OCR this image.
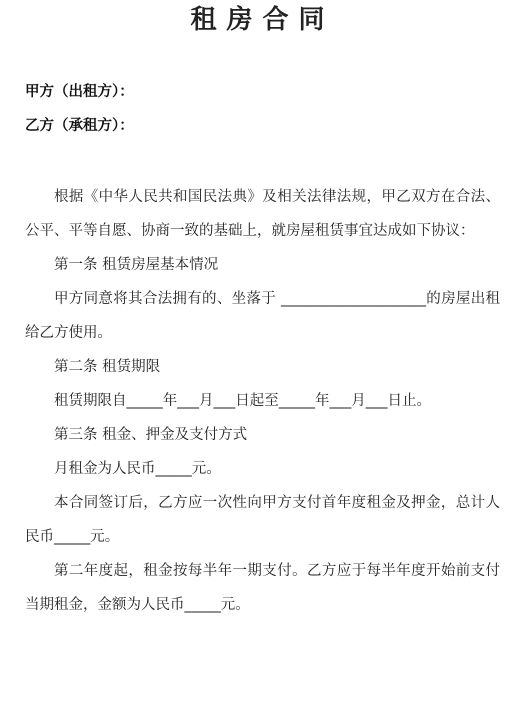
租房合同
甲方（出租方）：
乙方（承租方）：

根据《中华人民共和国民法典》及相关法律法规，甲乙双方在合法、公平、平等自愿、协商一致的基础上，就房屋租赁事宜达成如下协议：

第一条 租赁房屋基本情况

甲方同意将其合法拥有的、坐落于 ____________________的房屋出租给乙方使用。

第二条 租赁期限

租赁期限自_____年___月___日起至_____年___月___日止。

第三条 租金、押金及支付方式

月租金为人民币_____元。

本合同签订后，乙方应一次性向甲方支付首年度租金及押金，总计人民币_____元。

第二年度起，租金按每半年一期支付。乙方应于每半年度开始前支付当期租金，金额为人民币_____元。
